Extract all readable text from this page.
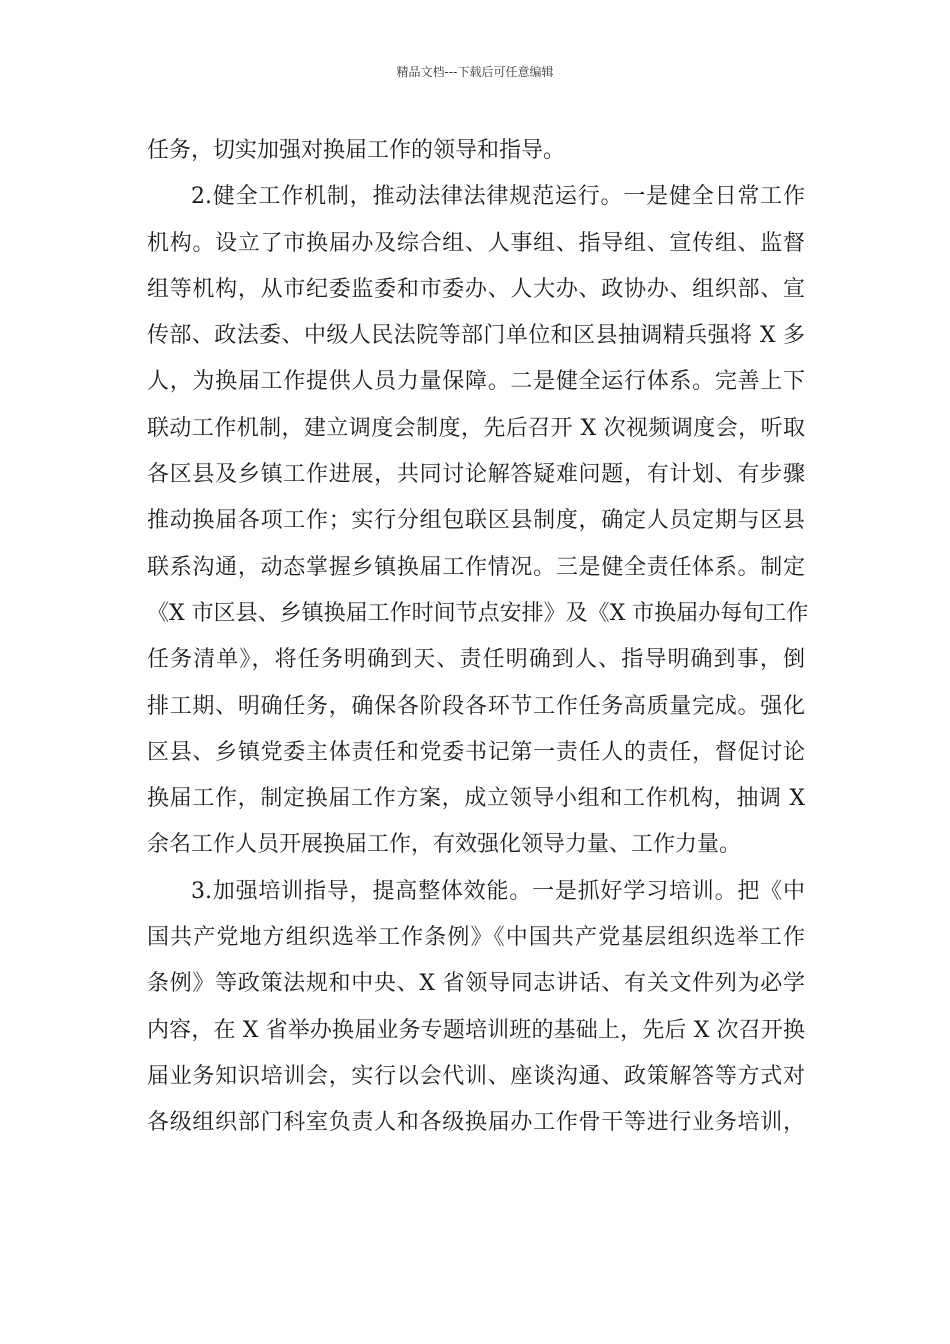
精品文档---下载后可任意编辑
任务，切实加强对换届工作的领导和指导。
2.健全工作机制，推动法律法律规范运行。一是健全日常工作
机构。设立了市换届办及综合组、人事组、指导组、宣传组、监督
组等机构，从市纪委监委和市委办、人大办、政协办、组织部、宣
传部、政法委、中级人民法院等部门单位和区县抽调精兵强将 X 多
人，为换届工作提供人员力量保障。二是健全运行体系。完善上下
联动工作机制，建立调度会制度，先后召开 X 次视频调度会，听取
各区县及乡镇工作进展，共同讨论解答疑难问题，有计划、有步骤
推动换届各项工作；实行分组包联区县制度，确定人员定期与区县
联系沟通，动态掌握乡镇换届工作情况。三是健全责任体系。制定
《X 市区县、乡镇换届工作时间节点安排》及《X 市换届办每旬工作
任务清单》，将任务明确到天、责任明确到人、指导明确到事，倒
排工期、明确任务，确保各阶段各环节工作任务高质量完成。强化
区县、乡镇党委主体责任和党委书记第一责任人的责任，督促讨论
换届工作，制定换届工作方案，成立领导小组和工作机构，抽调 X
余名工作人员开展换届工作，有效强化领导力量、工作力量。
3.加强培训指导，提高整体效能。一是抓好学习培训。把《中
国共产党地方组织选举工作条例》《中国共产党基层组织选举工作
条例》等政策法规和中央、X 省领导同志讲话、有关文件列为必学
内容，在 X 省举办换届业务专题培训班的基础上，先后 X 次召开换
届业务知识培训会，实行以会代训、座谈沟通、政策解答等方式对
各级组织部门科室负责人和各级换届办工作骨干等进行业务培训，
